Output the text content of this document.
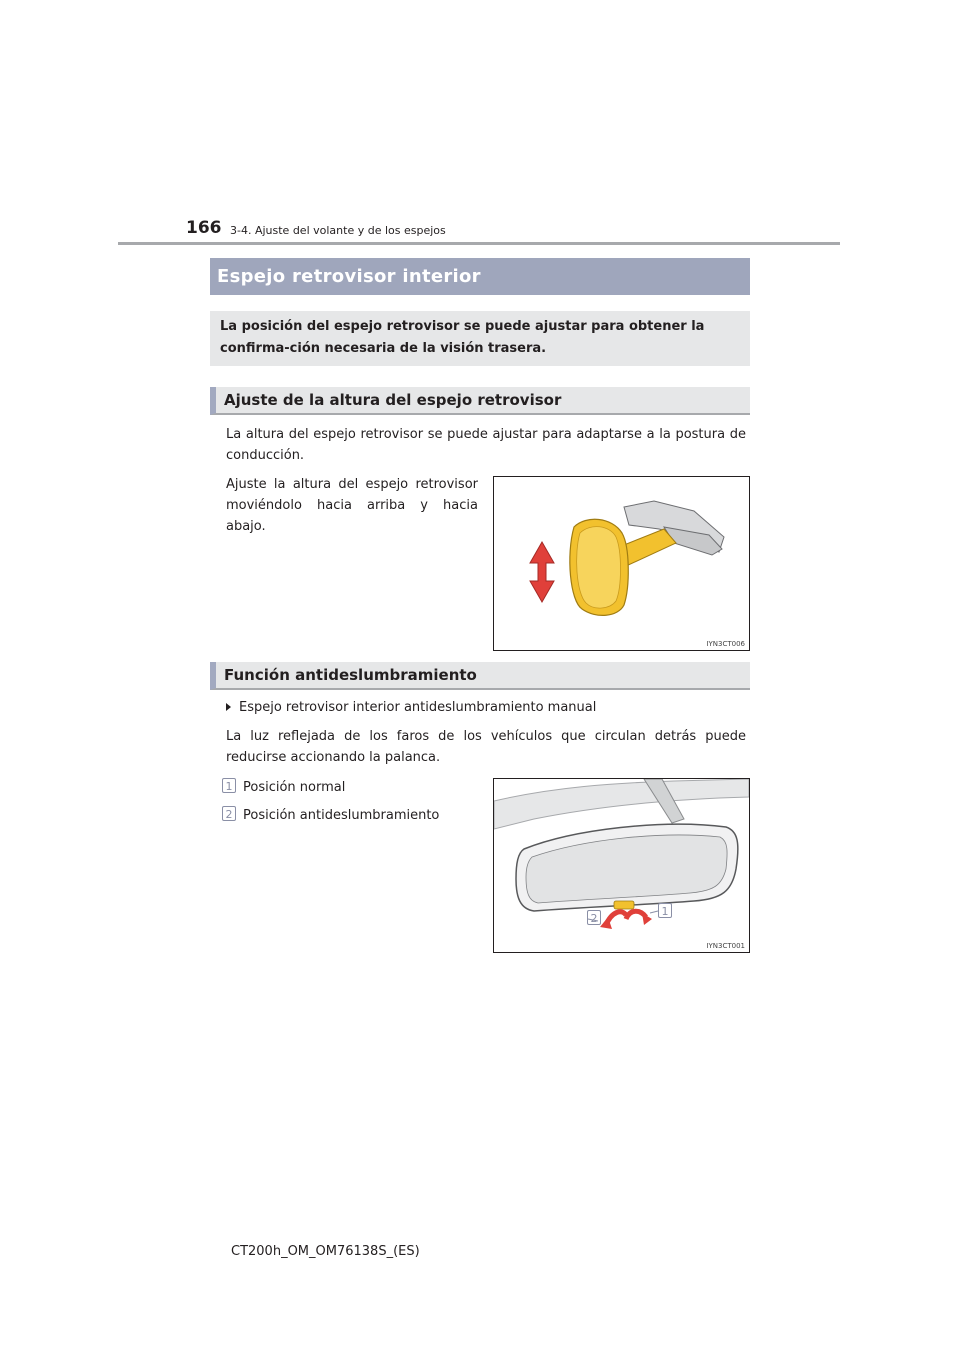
166 3-4. Ajuste del volante y de los espejos
Espejo retrovisor interior
La posición del espejo retrovisor se puede ajustar para obtener la confirma-ción necesaria de la visión trasera.
Ajuste de la altura del espejo retrovisor
La altura del espejo retrovisor se puede ajustar para adaptarse a la postura de conducción.
Ajuste la altura del espejo retrovisor moviéndolo hacia arriba y hacia abajo.
IYN3CT006
Función antideslumbramiento
Espejo retrovisor interior antideslumbramiento manual
La luz reflejada de los faros de los vehículos que circulan detrás puede reducirse accionando la palanca.
1 Posición normal
2 Posición antideslumbramiento
2
1
IYN3CT001
CT200h_OM_OM76138S_(ES)
